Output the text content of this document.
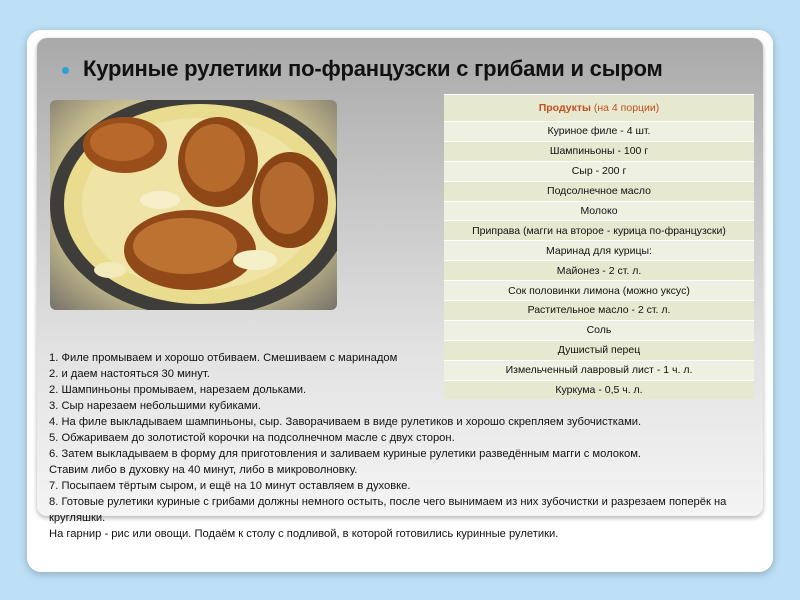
Куриные рулетики по-французски с грибами и сыром
Продукты (на 4 порции)
Куриное филе - 4 шт.
Шампиньоны - 100 г
Сыр - 200 г
Подсолнечное масло
Молоко
Приправа (магги на второе - курица по-французски)
Маринад для курицы:
Майонез - 2 ст. л.
Сок половинки лимона (можно уксус)
Растительное масло - 2 ст. л.
Соль
Душистый перец
Измельченный лавровый лист - 1 ч. л.
Куркума - 0,5 ч. л.
1. Филе промываем и хорошо отбиваем. Смешиваем с маринадом
2. и даем настояться 30 минут.
2. Шампиньоны промываем, нарезаем дольками.
3. Сыр нарезаем небольшими кубиками.
4. На филе выкладываем шампиньоны, сыр. Заворачиваем в виде рулетиков и хорошо скрепляем зубочистками.
5. Обжариваем до золотистой корочки на подсолнечном масле с двух сторон.
6. Затем выкладываем в форму для приготовления и заливаем куриные рулетики разведённым магги с молоком.
Ставим либо в духовку на 40 минут, либо в микроволновку.
7. Посыпаем тёртым сыром, и ещё на 10 минут оставляем в духовке.
8. Готовые рулетики куриные с грибами должны немного остыть, после чего вынимаем из них зубочистки и разрезаем поперёк на кругляшки.
На гарнир - рис или овощи. Подаём к столу с подливой, в которой готовились куринные рулетики.
